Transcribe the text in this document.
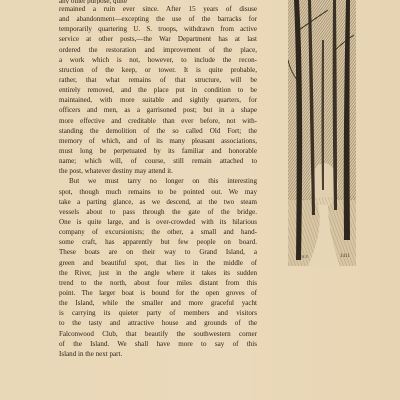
any other purpose, quite
remained a ruin ever since. After 15 years of disuse
and abandonment—excepting the use of the barracks for
temporarily quartering U. S. troops, withdrawn from active
service at other posts,—the War Department has at last
ordered the restoration and improvement of the place,
a work which is not, however, to include the recon-
struction of the keep, or tower. It is quite probable,
rather, that what remains of that structure, will be
entirely removed, and the place put in condition to be
maintained, with more suitable and sightly quarters, for
officers and men, as a garrisoned post; but in a shape
more effective and creditable than ever before, not with-
standing the demolition of the so called Old Fort; the
memory of which, and of its many pleasant associations,
must long be perpetuated by its familiar and honorable
name; which will, of course, still remain attached to
the post, whatever destiny may attend it.
But we must tarry no longer on this interesting
spot, though much remains to be pointed out. We may
take a parting glance, as we descend, at the two steam
vessels about to pass through the gate of the bridge.
One is quite large, and is over-crowded with its hilarious
company of excursionists; the other, a small and hand-
some craft, has apparently but few people on board.
These boats are on their way to Grand Island, a
green and beautiful spot, that lies in the middle of
the River, just in the angle where it takes its sudden
trend to the north, about four miles distant from this
point. The larger boat is bound for the open groves of
the Island, while the smaller and more graceful yacht
is carrying its quieter party of members and visitors
to the tasty and attractive house and grounds of the
Falconwood Club, that beautify the southwestern corner
of the Island. We shall have more to say of this
Island in the next part.
C.A.V.	1411
